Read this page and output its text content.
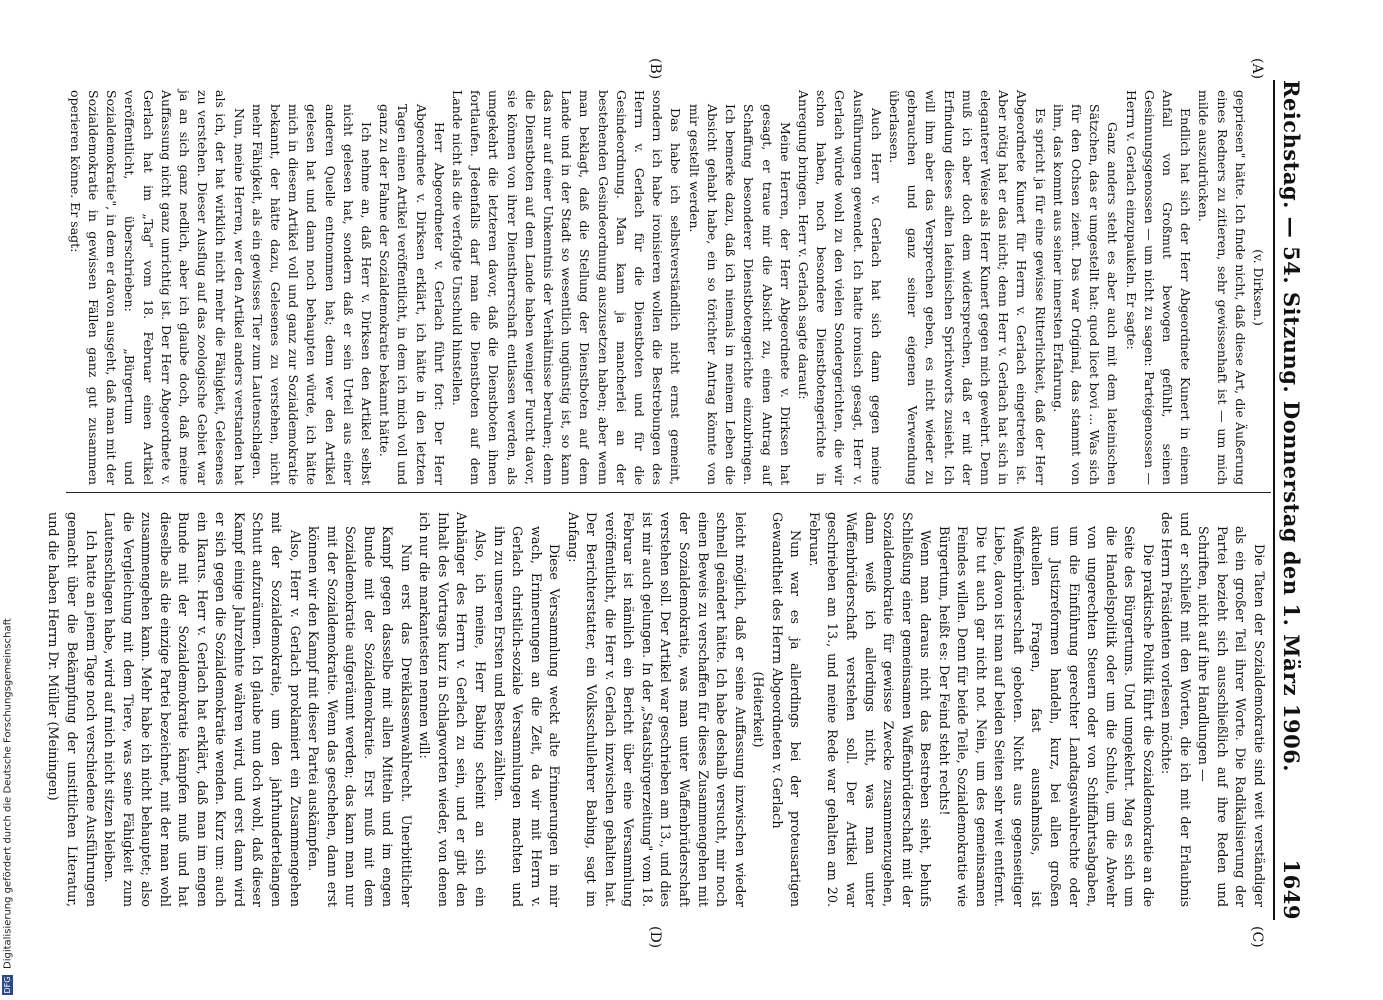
Reichstag. — 54. Sitzung. Donnerstag den 1. März 1906.
1649
(A)
(B)
(C)
(D)

(v. Dirksen.)

gepriesen" hätte. Ich finde nicht, daß diese Art, die Äußerung eines Redners zu zitieren, sehr gewissenhaft ist — um mich milde auszudrücken.

Endlich hat sich der Herr Abgeordnete Kunert in einem Anfall von Großmut bewogen gefühlt, seinen Gesinnungsgenossen — um nicht zu sagen: Parteigenossen — Herrn v. Gerlach einzupaukeln. Er sagte:

Ganz anders steht es aber auch mit dem lateinischen Sätzchen, das er umgestellt hat: quod licet bovi ... Was sich für den Ochsen ziemt. Das war Original, das stammt von ihm, das kommt aus seiner innersten Erfahrung.

Es spricht ja für eine gewisse Ritterlichkeit, daß der Herr Abgeordnete Kunert für Herrn v. Gerlach eingetreten ist. Aber nötig hat er das nicht; denn Herr v. Gerlach hat sich in eleganterer Weise als Herr Kunert gegen mich gewehrt. Denn muß ich aber doch dem widersprechen, daß er mit der Erfindung dieses alten lateinischen Sprichworts zusieht. Ich will ihm aber das Versprechen geben, es nicht wieder zu gebrauchen und ganz seiner eigenen Verwendung überlassen.

Auch Herr v. Gerlach hat sich dann gegen meine Ausführungen gewendet. Ich hatte ironisch gesagt, Herr v. Gerlach würde wohl zu den vielen Sondergerichten, die wir schon haben, noch besondere Dienstbotengerichte in Anregung bringen. Herr v. Gerlach sagte darauf:

Meine Herren, der Herr Abgeordnete v. Dirksen hat gesagt, er traue mir die Absicht zu, einen Antrag auf Schaffung besonderer Dienstbotengerichte einzubringen. Ich bemerke dazu, daß ich niemals in meinem Leben die Absicht gehabt habe, ein so törichter Antrag könnte von mir gestellt werden.

Das habe ich selbstverständlich nicht ernst gemeint, sondern ich habe ironisieren wollen die Bestrebungen des Herrn v. Gerlach für die Dienstboten und für die Gesindeordnung. Man kann ja mancherlei an der bestehenden Gesindeordnung auszusetzen haben; aber wenn man beklagt, daß die Stellung der Dienstboten auf dem Lande und in der Stadt so wesentlich ungünstig ist, so kann das nur auf einer Unkenntnis der Verhältnisse beruhen; denn die Dienstboten auf dem Lande haben weniger Furcht davor, sie können von ihrer Dienstherrschaft entlassen werden, als umgekehrt die letzteren davor, daß die Dienstboten ihnen fortlaufen. Jedenfalls darf man die Dienstboten auf dem Lande nicht als die verfolgte Unschuld hinstellen.

Herr Abgeordneter v. Gerlach führt fort: Der Herr Abgeordnete v. Dirksen erklärt, ich hätte in den letzten Tagen einen Artikel veröffentlicht, in dem ich mich voll und ganz zu der Fahne der Sozialdemokratie bekannt hätte.

Ich nehme an, daß Herr v. Dirksen den Artikel selbst nicht gelesen hat, sondern daß er sein Urteil aus einer anderen Quelle entnommen hat; denn wer den Artikel gelesen hat und dann noch behaupten würde, ich hätte mich in diesem Artikel voll und ganz zur Sozialdemokratie bekannt, der hätte dazu, Gelesenes zu verstehen, nicht mehr Fähigkeit, als ein gewisses Tier zum Lautenschlagen.

Nun, meine Herren, wer den Artikel anders verstanden hat als ich, der hat wirklich nicht mehr die Fähigkeit, Gelesenes zu verstehen. Dieser Ausflug auf das zoologische Gebiet war ja an sich ganz nedlich, aber ich glaube doch, daß meine Auffassung nicht ganz unrichtig ist. Der Herr Abgeordnete v. Gerlach hat im „Tag" vom 18. Februar einen Artikel veröffentlicht, überschrieben: „Bürgertum und Sozialdemokratie", in dem er davon ausgeht, daß man mit der Sozialdemokratie in gewissen Fällen ganz gut zusammen operieren könne. Er sagt:

Die Taten der Sozialdemokratie sind weit verständiger als ein großer Teil ihrer Worte. Die Radikalisierung der Partei bezieht sich ausschließlich auf ihre Reden und Schriften, nicht auf ihre Handlungen —

und er schließt mit den Worten, die ich mit der Erlaubnis des Herrn Präsidenten vorlesen möchte:

Die praktische Politik führt die Sozialdemokratie an die Seite des Bürgertums. Und umgekehrt. Mag es sich um die Handelspolitik oder um die Schule, um die Abwehr von ungerechten Steuern oder von Schiffahrtsabgaben, um die Einführung gerechter Landtagswahlrechte oder um Justizreformen handeln, kurz, bei allen großen aktuellen Fragen, fast ausnahmslos, ist Waffenbrüderschaft geboten. Nicht aus gegenseitiger Liebe, davon ist man auf beiden Seiten sehr weit entfernt. Die tut auch gar nicht not. Nein, um des gemeinsamen Feindes willen. Denn für beide Teile, Sozialdemokratie wie Bürgertum, heißt es: Der Feind steht rechts!

Wenn man daraus nicht das Bestreben sieht, behufs Schließung einer gemeinsamen Waffenbrüderschaft mit der Sozialdemokratie für gewisse Zwecke zusammenzugehen, dann weiß ich allerdings nicht, was man unter Waffenbrüderschaft verstehen soll. Der Artikel war geschrieben am 13., und meine Rede war gehalten am 20. Februar.

Nun war es ja allerdings bei der proteusartigen Gewandtheit des Herrn Abgeordneten v. Gerlach

(Heiterkeit)

leicht möglich, daß er seine Auffassung inzwischen wieder schnell geändert hätte. Ich habe deshalb versucht, mir noch einen Beweis zu verschaffen für dieses Zusammengehen mit der Sozialdemokratie, was man unter Waffenbrüderschaft verstehen soll. Der Artikel war geschrieben am 13., und dies ist mir auch gelungen. In der „Staatsbürgerzeitung" vom 18. Februar ist nämlich ein Bericht über eine Versammlung veröffentlicht, die Herr v. Gerlach inzwischen gehalten hat. Der Berichterstatter, ein Volksschullehrer Babing, sagt im Anfang:

Diese Versammlung weckt alte Erinnerungen in mir wach, Erinnerungen an die Zeit, da wir mit Herrn v. Gerlach christlich-soziale Versammlungen machten und ihn zu unseren Ersten und Besten zählten.

Also, ich meine, Herr Babing scheint an sich ein Anhänger des Herrn v. Gerlach zu sein, und er gibt den Inhalt des Vortrags kurz in Schlagworten wieder, von denen ich nur die markantesten nennen will:

Nun erst das Dreiklassenwahlrecht. Unerbittlicher Kampf gegen dasselbe mit allen Mitteln und im engen Bunde mit der Sozialdemokratie. Erst muß mit dem Sozialdemokratie aufgeräumt werden; das kann man nur mit der Sozialdemokratie. Wenn das geschehen, dann erst können wir den Kampf mit dieser Partei auskämpfen.

Also, Herr v. Gerlach proklamiert ein Zusammengehen mit der Sozialdemokratie, um den jahrhundertelangen Schutt aufzuräumen. Ich glaube nun doch wohl, daß dieser Kampf einige Jahrzehnte währen wird, und erst dann wird er sich gegen die Sozialdemokratie wenden. Kurz um: auch ein Ikarus. Herr v. Gerlach hat erklärt, daß man im engen Bunde mit der Sozialdemokratie kämpfen muß und hat dieselbe als die einzige Partei bezeichnet, mit der man wohl zusammengehen kann. Mehr habe ich nicht behauptet; also die Vergleichung mit dem Tiere, was seine Fähigkeit zum Lautenschlagen habe, wird auf mich nicht sitzen bleiben.

Ich hatte an jenem Tage noch verschiedene Ausführungen gemacht über die Bekämpfung der unsittlichen Literatur, und die haben Herrn Dr. Müller (Meiningen)

DFGDigitalisierung gefördert durch die Deutsche Forschungsgemeinschaft
